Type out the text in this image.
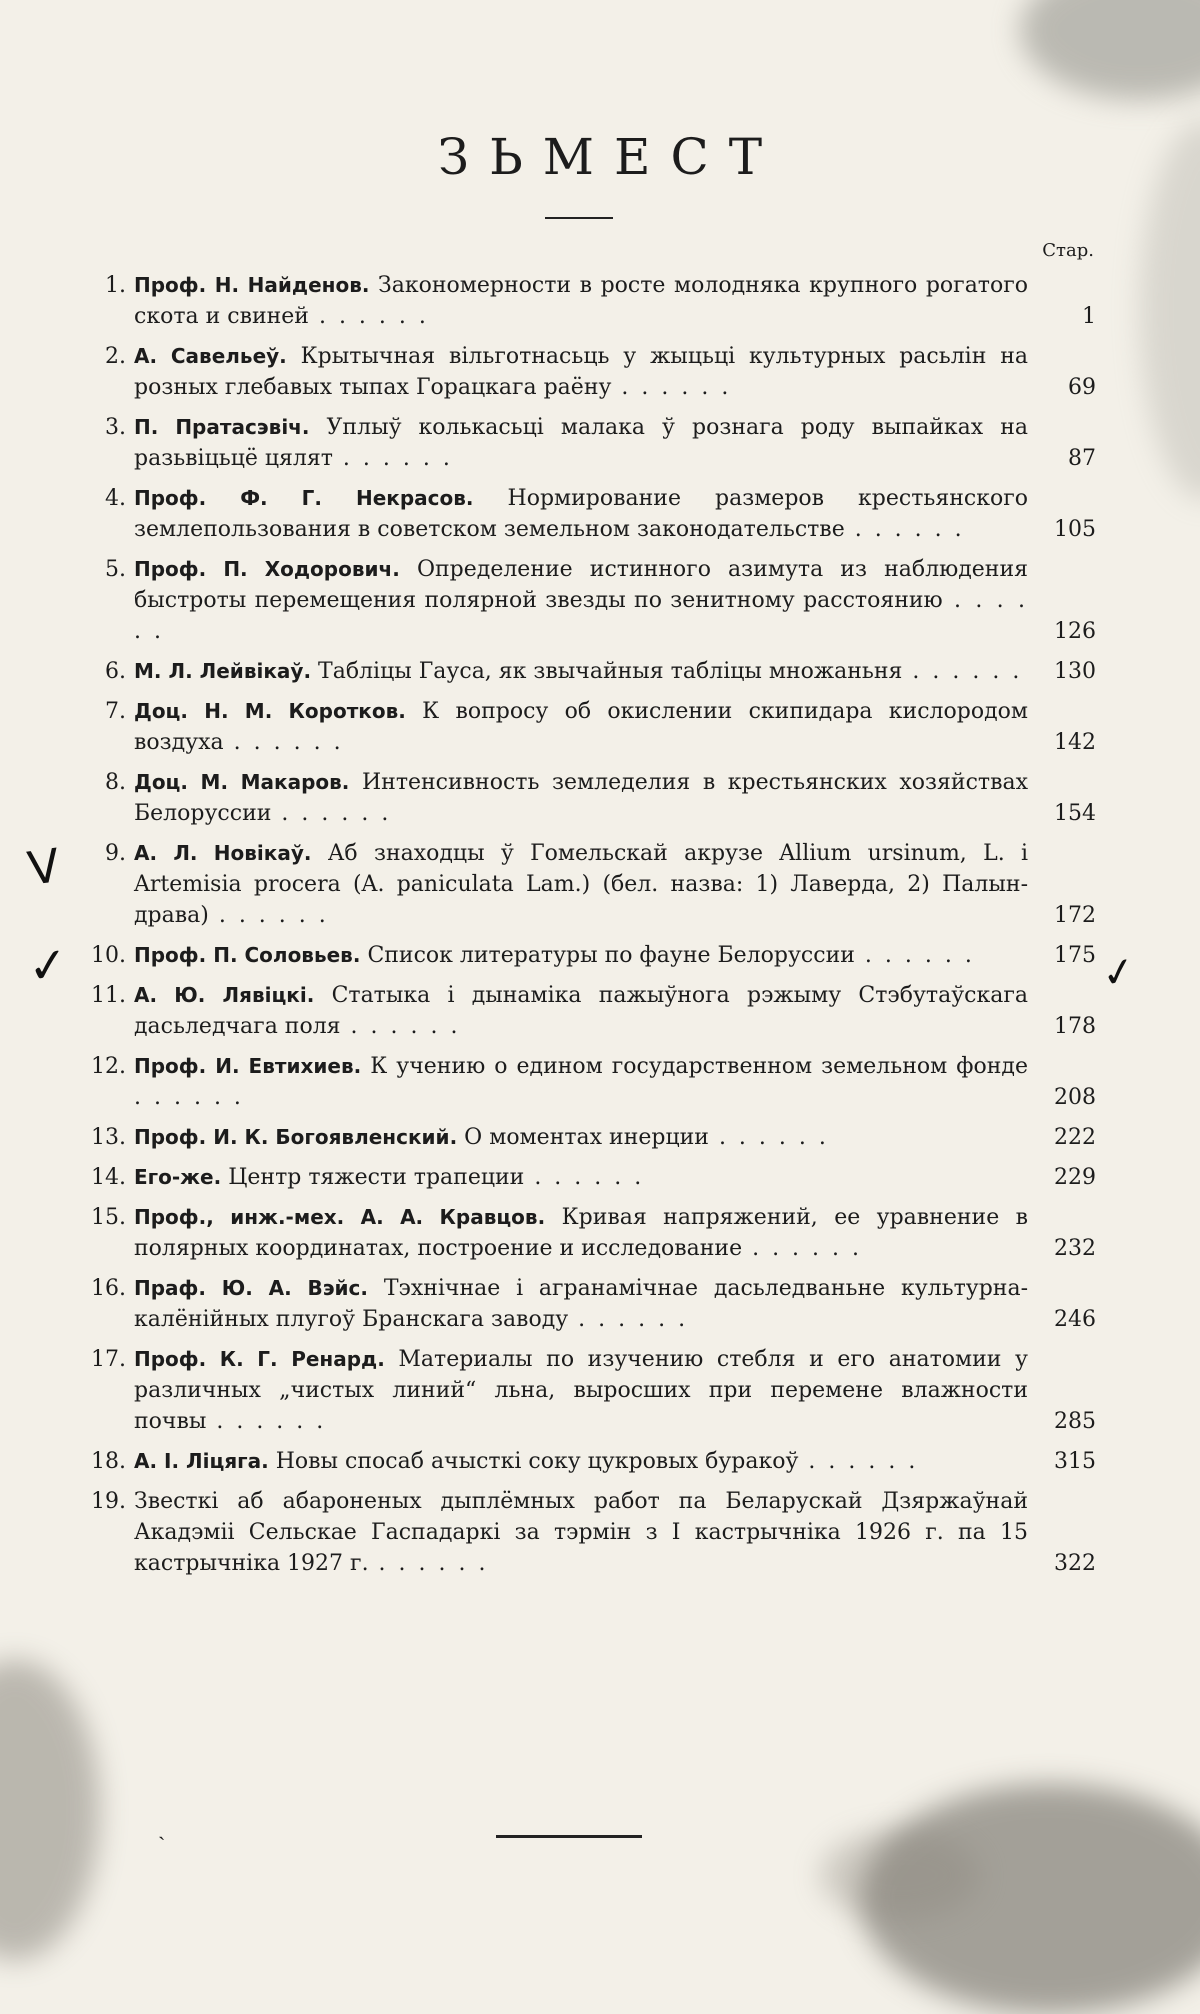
ЗЬМЕСТ
Стар.
1. Проф. Н. Найденов. Закономерности в росте молодняка крупного рогатого скота и свиней . . . . . .	1
2. А. Савельеў. Крытычная вільготнасьць у жыцьці культурных расьлін на розных глебавых тыпах Горацкага раёну . . . . . .	69
3. П. Пратасэвіч. Уплыў колькасьці малака ў рознага роду выпайках на разьвіцьцё цялят . . . . . .	87
4. Проф. Ф. Г. Некрасов. Нормирование размеров крестьянского землепользования в советском земельном законодательстве . . . . . .	105
5. Проф. П. Ходорович. Определение истинного азимута из наблюдения быстроты перемещения полярной звезды по зенитному расстоянию . . . . . .	126
6. М. Л. Лейвікаў. Табліцы Гауса, як звычайныя табліцы множаньня . . . . . .	130
7. Доц. Н. М. Коротков. К вопросу об окислении скипидара кислородом воздуха . . . . . .	142
8. Доц. М. Макаров. Интенсивность земледелия в крестьянских хозяйствах Белоруссии . . . . . .	154
9. А. Л. Новікаў. Аб знаходцы ў Гомельскай акрузе Allium ursinum, L. і Artemisia procera (A. paniculata Lam.) (бел. назва: 1) Лаверда, 2) Палын-драва) . . . . . .	172
10. Проф. П. Соловьев. Список литературы по фауне Белоруссии . . . . . .	175
11. А. Ю. Лявіцкі. Статыка і дынаміка пажыўнога рэжыму Стэбутаўскага дасьледчага поля . . . . . .	178
12. Проф. И. Евтихиев. К учению о едином государственном земельном фонде . . . . . .	208
13. Проф. И. К. Богоявленский. О моментах инерции . . . . . .	222
14. Его-же. Центр тяжести трапеции . . . . . .	229
15. Проф., инж.-мех. А. А. Кравцов. Кривая напряжений, ее уравнение в полярных координатах, построение и исследование . . . . . .	232
16. Праф. Ю. А. Вэйс. Тэхнічнае і агранамічнае дасьледваньне культурна-калёнійных плугоў Бранскага заводу . . . . . .	246
17. Проф. К. Г. Ренард. Материалы по изучению стебля и его анатомии у различных „чистых линий“ льна, выросших при перемене влажности почвы . . . . . .	285
18. А. І. Ліцяга. Новы спосаб ачысткі соку цукровых буракоў . . . . . .	315
19. Звесткі аб абароненых дыплёмных работ па Беларускай Дзяржаўнай Акадэміі Сельскае Гаспадаркі за тэрмін з І кастрычніка 1926 г. па 15 кастрычніка 1927 г. . . . . . .	322
V
✓	✓
ˎ
